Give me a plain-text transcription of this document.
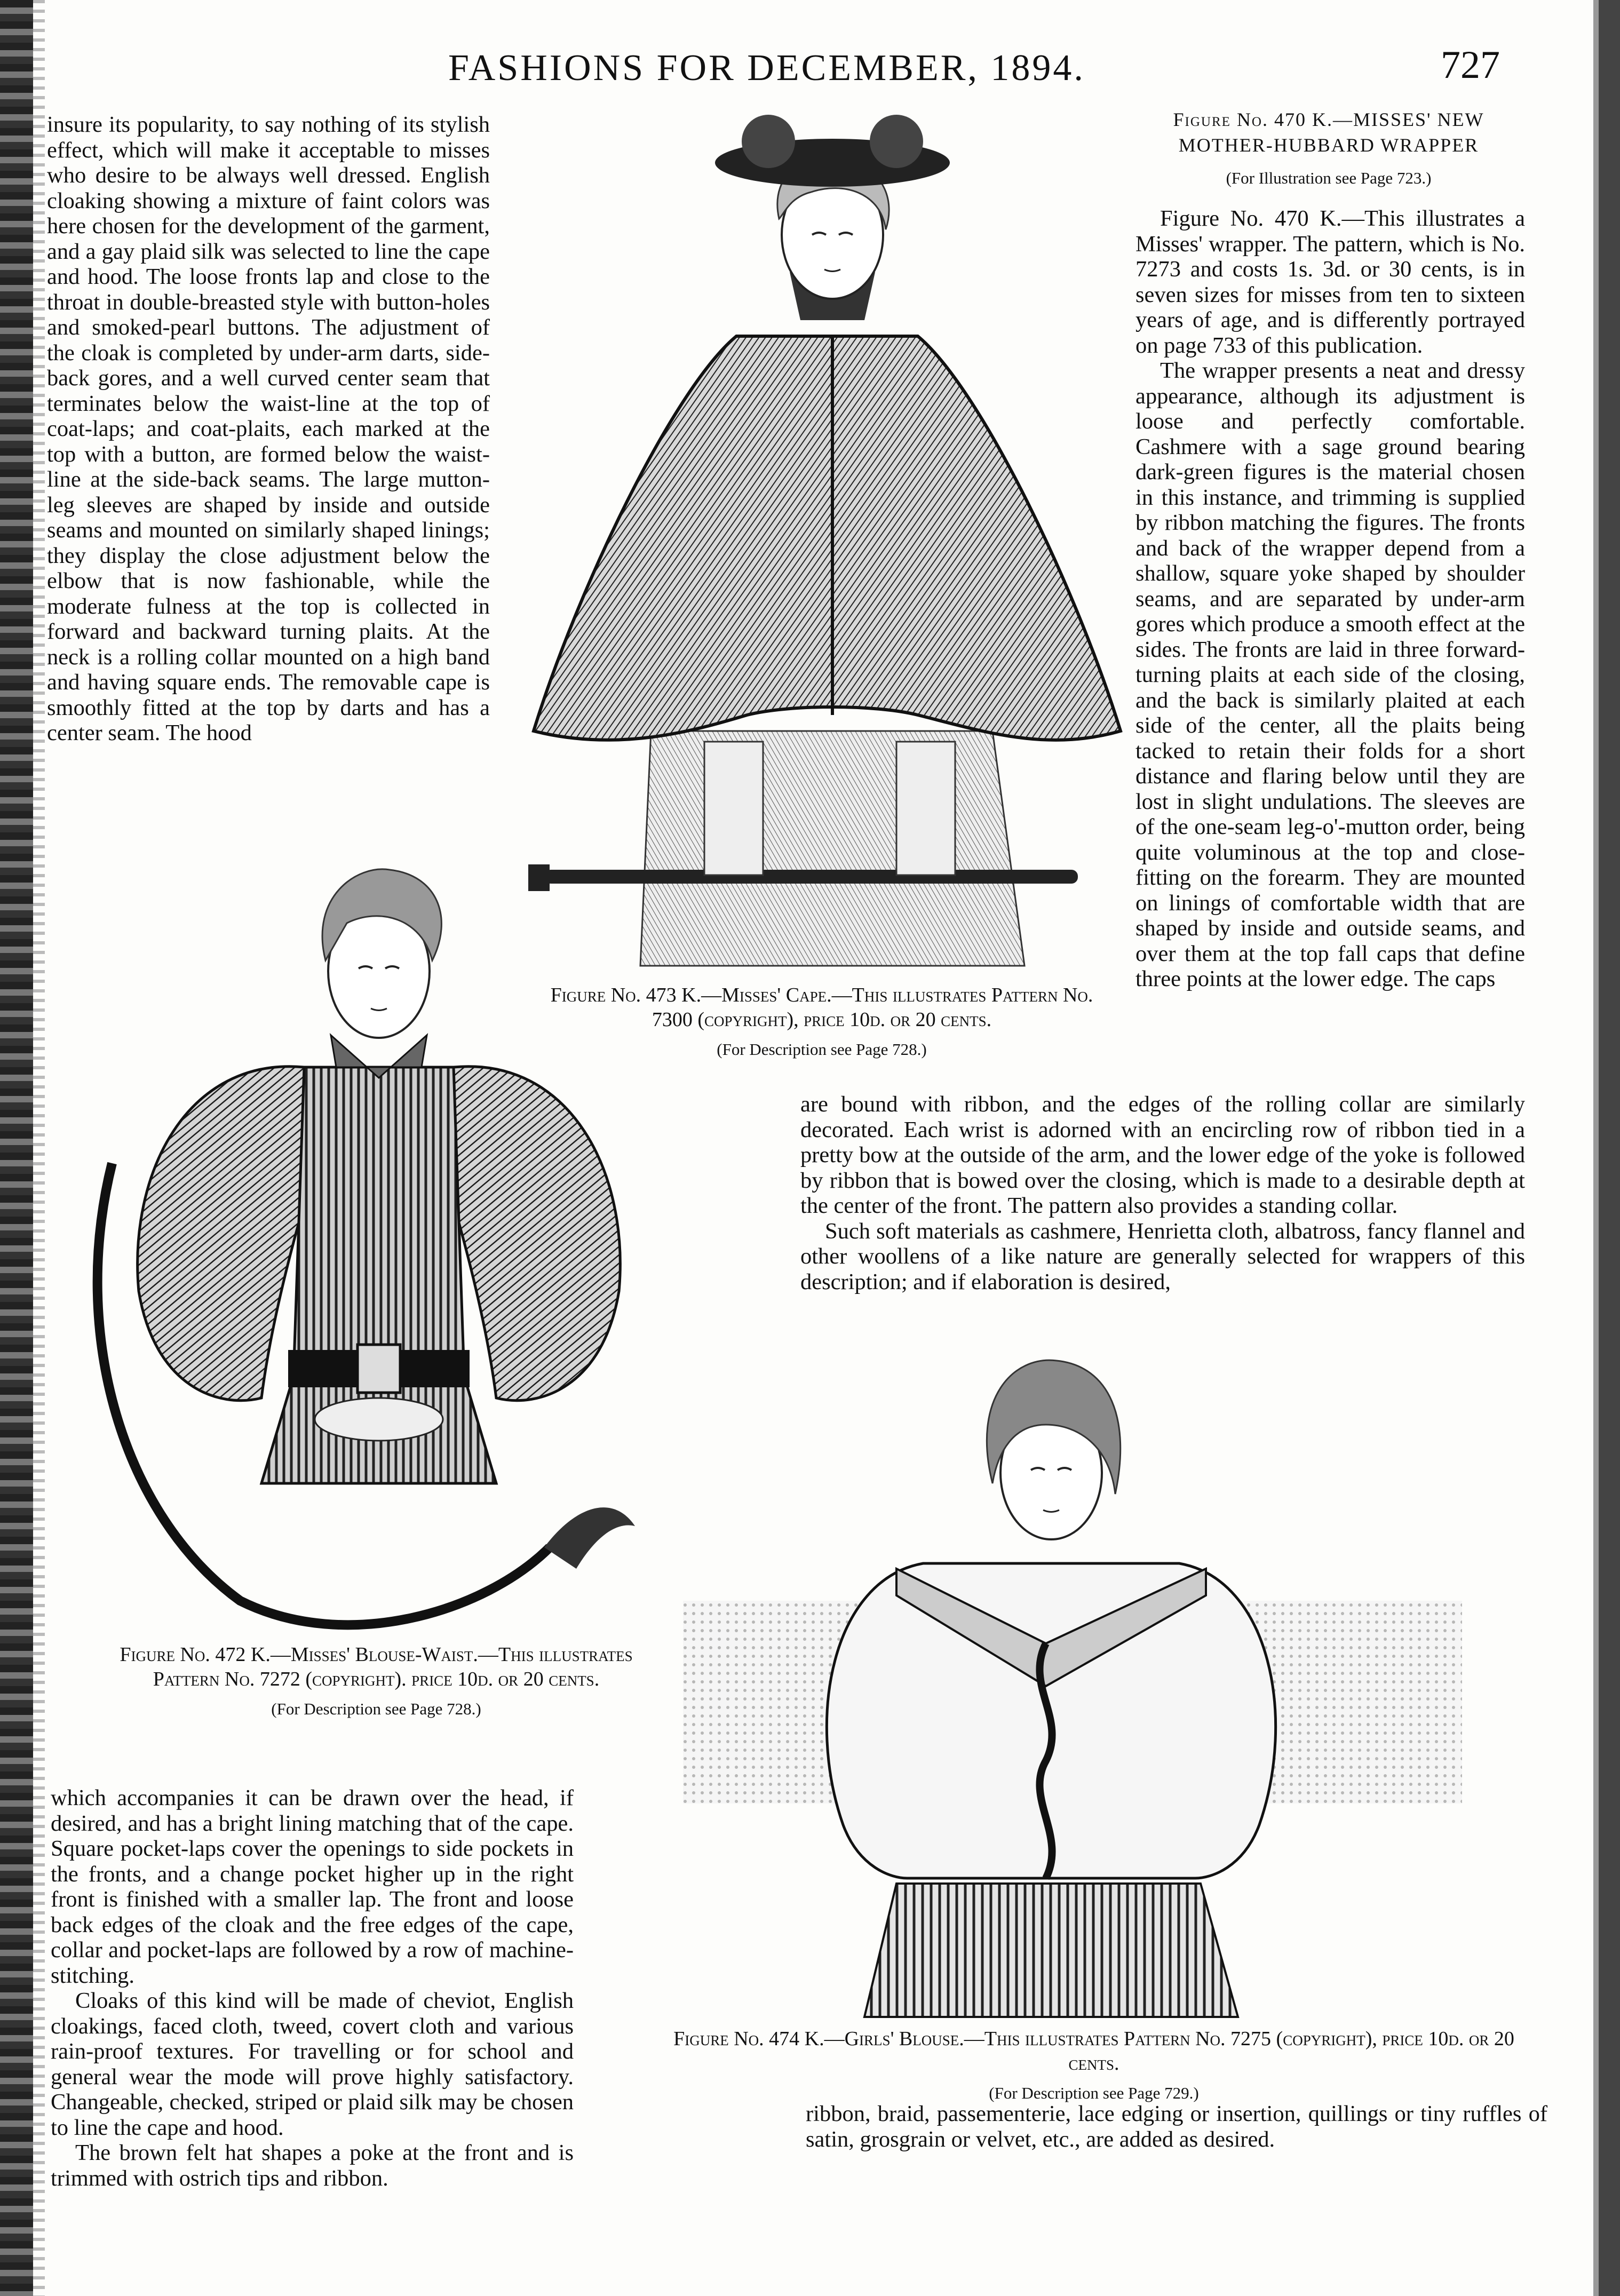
FASHIONS FOR DECEMBER, 1894.	727

insure its popularity, to say nothing of its stylish effect, which will make it acceptable to misses who desire to be always well dressed. English cloaking showing a mixture of faint colors was here chosen for the development of the garment, and a gay plaid silk was selected to line the cape and hood. The loose fronts lap and close to the throat in double-breasted style with button-holes and smoked-pearl buttons. The adjustment of the cloak is completed by under-arm darts, side-back gores, and a well curved center seam that terminates below the waist-line at the top of coat-laps; and coat-plaits, each marked at the top with a button, are formed below the waist-line at the side-back seams. The large mutton-leg sleeves are shaped by inside and outside seams and mounted on similarly shaped linings; they display the close adjustment below the elbow that is now fashionable, while the moderate fulness at the top is collected in forward and backward turning plaits. At the neck is a rolling collar mounted on a high band and having square ends. The removable cape is smoothly fitted at the top by darts and has a center seam. The hood

Figure No. 470 K.—MISSES' NEW
MOTHER-HUBBARD WRAPPER
(For Illustration see Page 723.)

Figure No. 470 K.—This illustrates a Misses' wrapper. The pattern, which is No. 7273 and costs 1s. 3d. or 30 cents, is in seven sizes for misses from ten to sixteen years of age, and is differently portrayed on page 733 of this publication.

The wrapper presents a neat and dressy appearance, although its adjustment is loose and perfectly comfortable. Cashmere with a sage ground bearing dark-green figures is the material chosen in this instance, and trimming is supplied by ribbon matching the figures. The fronts and back of the wrapper depend from a shallow, square yoke shaped by shoulder seams, and are separated by under-arm gores which produce a smooth effect at the sides. The fronts are laid in three forward-turning plaits at each side of the closing, and the back is similarly plaited at each side of the center, all the plaits being tacked to retain their folds for a short distance and flaring below until they are lost in slight undulations. The sleeves are of the one-seam leg-o'-mutton order, being quite voluminous at the top and close-fitting on the forearm. They are mounted on linings of comfortable width that are shaped by inside and outside seams, and over them at the top fall caps that define three points at the lower edge. The caps

are bound with ribbon, and the edges of the rolling collar are similarly decorated. Each wrist is adorned with an encircling row of ribbon tied in a pretty bow at the outside of the arm, and the lower edge of the yoke is followed by ribbon that is bowed over the closing, which is made to a desirable depth at the center of the front. The pattern also provides a standing collar.

Such soft materials as cashmere, Henrietta cloth, albatross, fancy flannel and other woollens of a like nature are generally selected for wrappers of this description; and if elaboration is desired,

Figure No. 473 K.—Misses' Cape.—This illustrates Pattern No. 7300 (copyright), price 10d. or 20 cents.
(For Description see Page 728.)
Figure No. 472 K.—Misses' Blouse-Waist.—This illustrates Pattern No. 7272 (copyright). price 10d. or 20 cents.
(For Description see Page 728.)
Figure No. 474 K.—Girls' Blouse.—This illustrates Pattern No. 7275 (copyright), price 10d. or 20 cents.
(For Description see Page 729.)

which accompanies it can be drawn over the head, if desired, and has a bright lining matching that of the cape. Square pocket-laps cover the openings to side pockets in the fronts, and a change pocket higher up in the right front is finished with a smaller lap. The front and loose back edges of the cloak and the free edges of the cape, collar and pocket-laps are followed by a row of machine-stitching.

Cloaks of this kind will be made of cheviot, English cloakings, faced cloth, tweed, covert cloth and various rain-proof textures. For travelling or for school and general wear the mode will prove highly satisfactory. Changeable, checked, striped or plaid silk may be chosen to line the cape and hood.

The brown felt hat shapes a poke at the front and is trimmed with ostrich tips and ribbon.

ribbon, braid, passementerie, lace edging or insertion, quillings or tiny ruffles of satin, grosgrain or velvet, etc., are added as desired.
